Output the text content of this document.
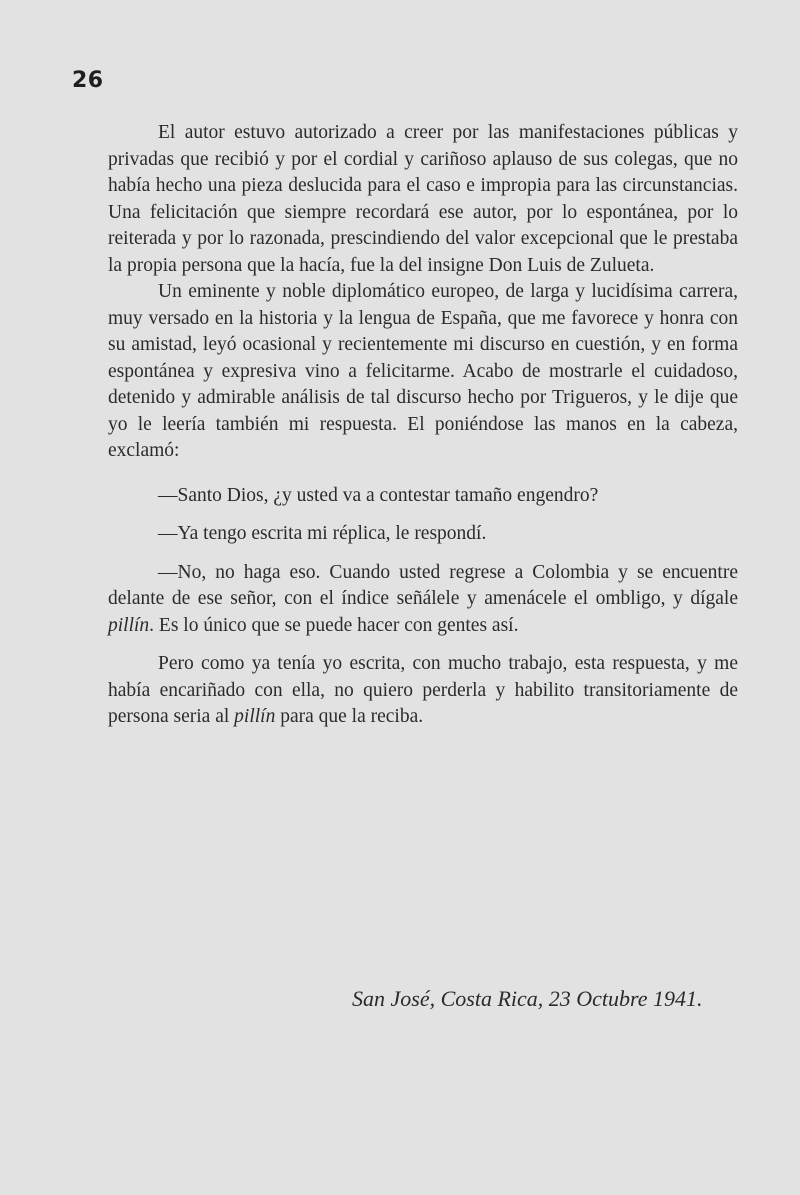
26

El autor estuvo autorizado a creer por las manifestaciones públicas y privadas que recibió y por el cordial y cariñoso aplauso de sus colegas, que no había hecho una pieza deslucida para el caso e impropia para las circunstancias. Una felicitación que siempre recordará ese autor, por lo espontánea, por lo reiterada y por lo razonada, prescindiendo del valor excepcional que le prestaba la propia persona que la hacía, fue la del insigne Don Luis de Zulueta.

Un eminente y noble diplomático europeo, de larga y lucidísima carrera, muy versado en la historia y la lengua de España, que me favorece y honra con su amistad, leyó ocasional y recientemente mi discurso en cuestión, y en forma espontánea y expresiva vino a felicitarme. Acabo de mostrarle el cuidadoso, detenido y admirable análisis de tal discurso hecho por Trigueros, y le dije que yo le leería también mi respuesta. El poniéndose las manos en la cabeza, exclamó:

—Santo Dios, ¿y usted va a contestar tamaño engendro?

—Ya tengo escrita mi réplica, le respondí.

—No, no haga eso. Cuando usted regrese a Colombia y se encuentre delante de ese señor, con el índice señálele y amenácele el ombligo, y dígale pillín. Es lo único que se puede hacer con gentes así.

Pero como ya tenía yo escrita, con mucho trabajo, esta respuesta, y me había encariñado con ella, no quiero perderla y habilito transitoriamente de persona seria al pillín para que la reciba.

San José, Costa Rica, 23 Octubre 1941.
